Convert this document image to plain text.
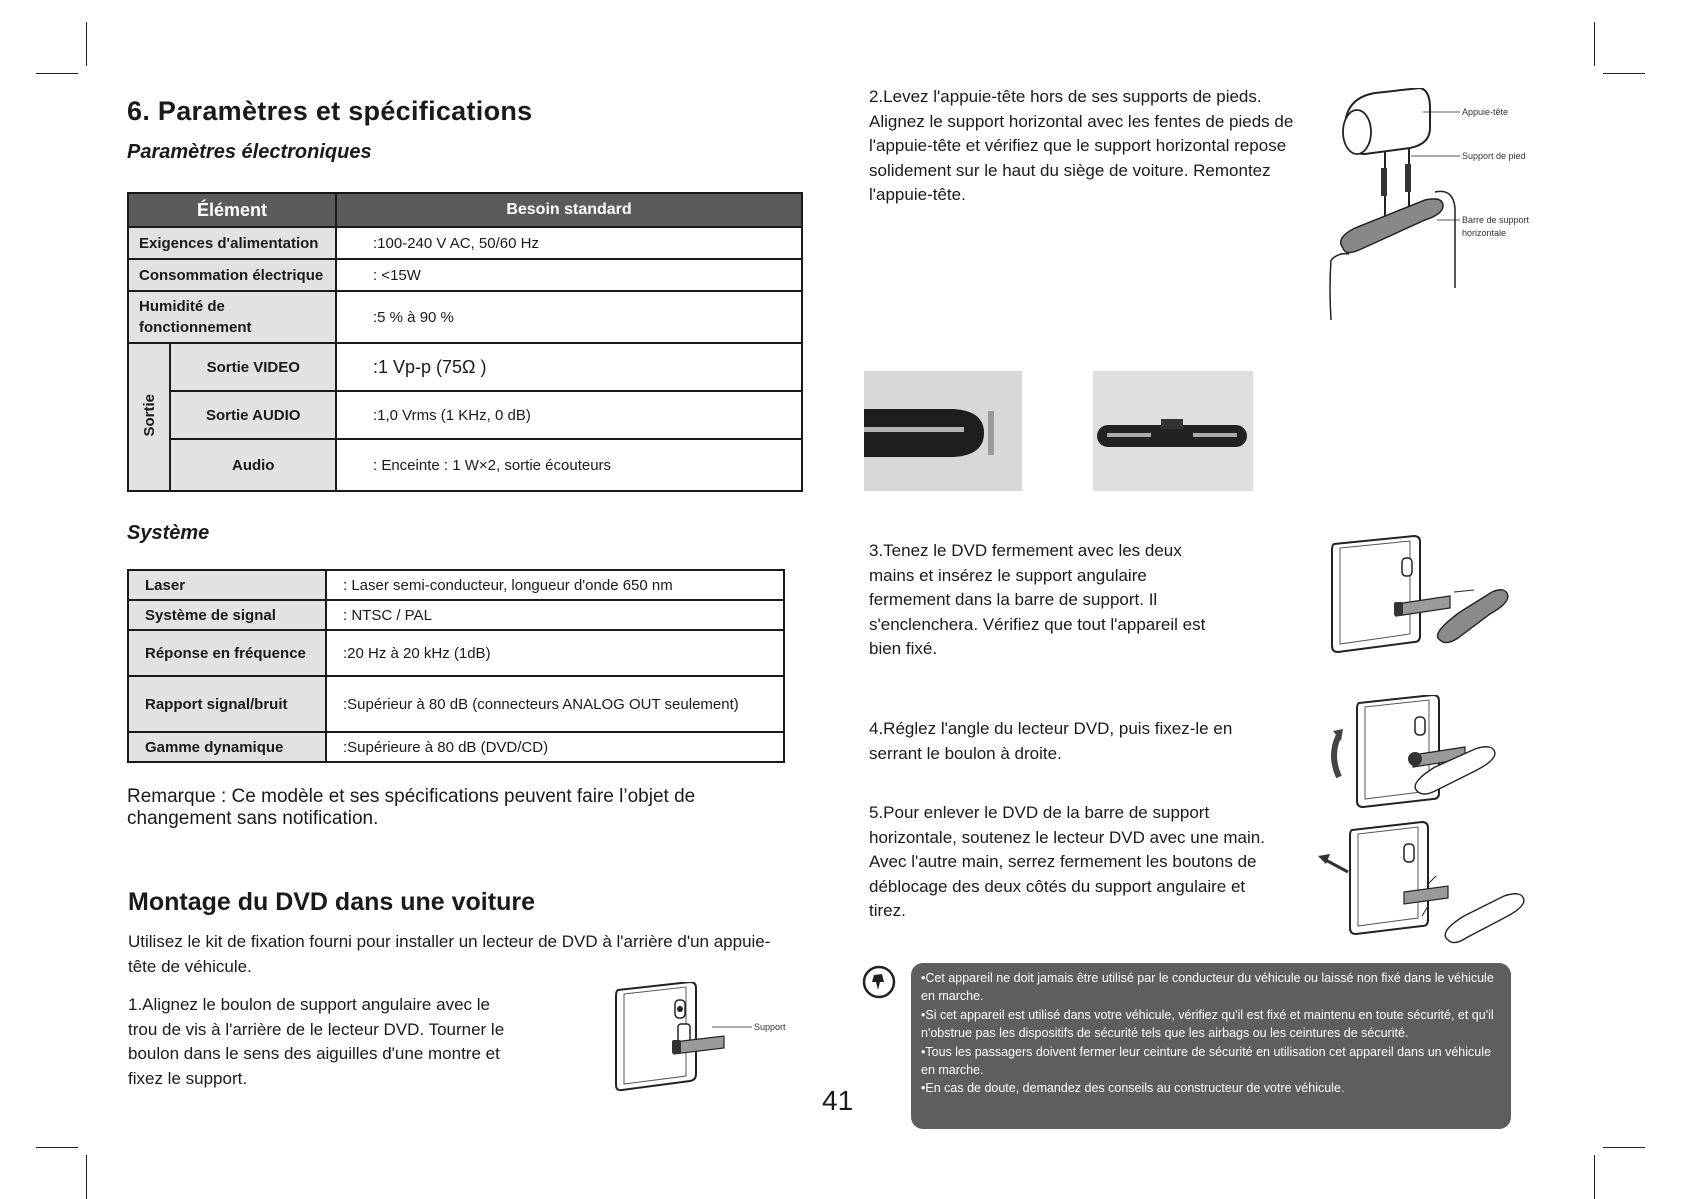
6. Paramètres et spécifications
Paramètres électroniques
Élément		Besoin standard
Exigences d'alimentation		:100-240 V AC, 50/60 Hz
Consommation électrique		: <15W
Humidité de fonctionnement		:5 % à 90 %
Sortie	Sortie VIDEO	:1 Vp-p (75Ω )
	Sortie AUDIO	:1,0 Vrms (1 KHz, 0 dB)
	Audio	: Enceinte : 1 W×2, sortie écouteurs
Système
Laser	: Laser semi-conducteur, longueur d'onde 650 nm
Système de signal	: NTSC / PAL
Réponse en fréquence	:20 Hz à 20 kHz (1dB)
Rapport signal/bruit	:Supérieur à 80 dB (connecteurs ANALOG OUT seulement)
Gamme dynamique	:Supérieure à 80 dB (DVD/CD)
Remarque : Ce modèle et ses spécifications peuvent faire l’objet de changement sans notification.
Montage du DVD dans une voiture
Utilisez le kit de fixation fourni pour installer un lecteur de DVD à l'arrière d'un appuie-tête de véhicule.
1.Alignez le boulon de support angulaire avec le trou de vis à l'arrière de le lecteur DVD. Tourner le boulon dans le sens des aiguilles d'une montre et fixez le support.
Support
2.Levez l'appuie-tête hors de ses supports de pieds. Alignez le support horizontal avec les fentes de pieds de l'appuie-tête et vérifiez que le support horizontal repose solidement sur le haut du siège de voiture. Remontez l'appuie-tête.
Appuie-tête
Support de pied
Barre de support
horizontale
3.Tenez le DVD fermement avec les deux mains et insérez le support angulaire fermement dans la barre de support. Il s'enclenchera. Vérifiez que tout l'appareil est bien fixé.
4.Réglez l'angle du lecteur DVD, puis fixez-le en serrant le boulon à droite.
5.Pour enlever le DVD de la barre de support horizontale, soutenez le lecteur DVD avec une main. Avec l'autre main, serrez fermement les boutons de déblocage des deux côtés du support angulaire et tirez.
•Cet appareil ne doit jamais être utilisé par le conducteur du véhicule ou laissé non fixé dans le véhicule en marche.
•Si cet appareil est utilisé dans votre véhicule, vérifiez qu'il est fixé et maintenu en toute sécurité, et qu'il n'obstrue pas les dispositifs de sécurité tels que les airbags ou les ceintures de sécurité.
•Tous les passagers doivent fermer leur ceinture de sécurité en utilisation cet appareil dans un véhicule en marche.
•En cas de doute, demandez des conseils au constructeur de votre véhicule.
41
